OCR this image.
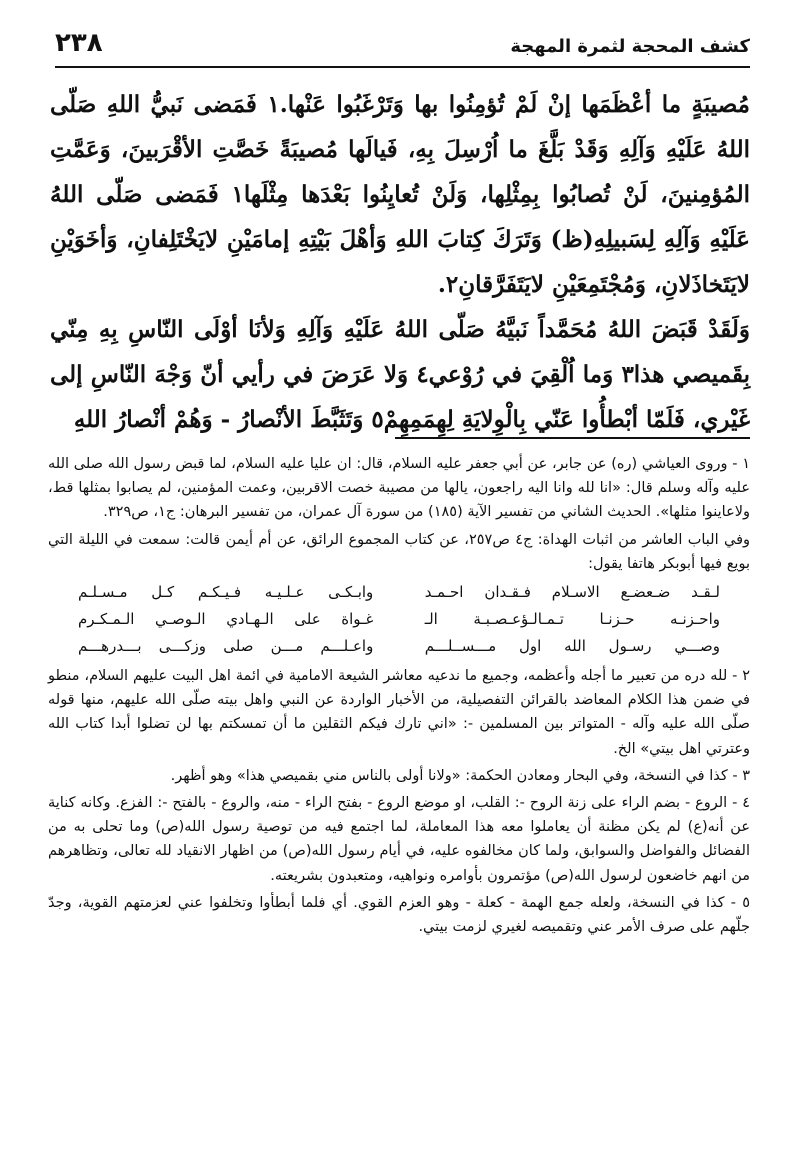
٢٣٨	كشف المحجة لثمرة المهجة

مُصيبَةٍ ما أعْظَمَها إنْ لَمْ تُؤمِنُوا بها وَتَرْغَبُوا عَنْها.١ فَمَضى نَبيُّ اللهِ صَلّى اللهُ عَلَيْهِ وَآلِهِ وَقَدْ بَلَّغَ ما اُرْسِلَ بِهِ، فَيالَها مُصيبَةً خَصَّتِ الأقْرَبينَ، وَعَمَّتِ المُؤمِنينَ، لَنْ تُصابُوا بِمِثْلِها، وَلَنْ تُعايِنُوا بَعْدَها مِثْلَها١ فَمَضى صَلّى اللهُ عَلَيْهِ وَآلِهِ لِسَبيلِهِ(ظ) وَتَرَكَ كِتابَ اللهِ وَأهْلَ بَيْتِهِ إمامَيْنِ لايَخْتَلِفانِ، وَأخَوَيْنِ لايَتَخاذَلانِ، وَمُجْتَمِعَيْنِ لايَتَفَرَّقانِ٢.

وَلَقَدْ قَبَضَ اللهُ مُحَمَّداً نَبيَّهُ صَلّى اللهُ عَلَيْهِ وَآلِهِ وَلأنَا أوْلَى النّاسِ بِهِ مِنّي بِقَميصي هذا٣ وَما اُلْقِيَ في رُوْعي٤ وَلا عَرَضَ في رأيي أنّ وَجْهَ النّاسِ إلى غَيْري، فَلَمّا أبْطأُوا عَنّي بِالْوِلايَةِ لِهِمَمِهِمْ٥ وَتَثَبَّطَ الأنْصارُ - وَهُمْ أنْصارُ اللهِ

١ - وروى العياشي (ره) عن جابر، عن أبي جعفر عليه السلام، قال: ان عليا عليه السلام، لما قبض رسول الله صلى الله عليه وآله وسلم قال: «انا لله وانا اليه راجعون، يالها من مصيبة خصت الاقربين، وعمت المؤمنين، لم يصابوا بمثلها قط، ولاعاينوا مثلها». الحديث الشاني من تفسير الآية (١٨٥) من سورة آل عمران، من تفسير البرهان: ج١، ص٣٢٩.

وفي الباب العاشر من اثبات الهداة: ج٤ ص٢٥٧، عن كتاب المجموع الرائق، عن أم أيمن قالت: سمعت في الليلة التي بويع فيها أبوبكر هاتفا يقول:

لـقـد ضـعضـع الاسـلام فـقـدان احـمـد
وابـكـى عـلـيـه فـيـكـم كـل مـسـلـم
واحـزنـه حـزنـا تـمـالـؤعـصـبـة الـ
غـواة على الـهـادي الـوصـي الـمـكـرم
وصـــي رسـول الله اول مـــســلـــم
واعـلـــم مـــن صلى وزكـــى بـــدرهـــم

٢ - لله دره من تعبير ما أجله وأعظمه، وجميع ما ندعيه معاشر الشيعة الامامية في ائمة اهل البيت عليهم السلام، منطو في ضمن هذا الكلام المعاضد بالقرائن التفصيلية، من الأخبار الواردة عن النبي واهل بيته صلّى الله عليهم، منها قوله صلّى الله عليه وآله - المتواتر بين المسلمين -: «اني تارك فيكم الثقلين ما أن تمسكتم بها لن تضلوا أبدا كتاب الله وعترتي اهل بيتي» الخ.

٣ - كذا في النسخة، وفي البحار ومعادن الحكمة: «ولانا أولى بالناس مني بقميصي هذا» وهو أظهر.

٤ - الروع - بضم الراء على زنة الروح -: القلب، او موضع الروع - بفتح الراء - منه، والروع - بالفتح -: الفزع. وكانه كناية عن أنه(ع) لم يكن مظنة أن يعاملوا معه هذا المعاملة، لما اجتمع فيه من توصية رسول الله(ص) وما تحلى به من الفضائل والفواضل والسوابق، ولما كان مخالفوه عليه، في أيام رسول الله(ص) من اظهار الانقياد لله تعالى، وتظاهرهم من انهم خاضعون لرسول الله(ص) مؤتمرون بأوامره ونواهيه، ومتعبدون بشريعته.

٥ - كذا في النسخة، ولعله جمع الهمة - كعلة - وهو العزم القوي. أي فلما أبطأوا وتخلفوا عني لعزمتهم القوية، وجدّ جلّهم على صرف الأمر عني وتقميصه لغيري لزمت بيتي.
